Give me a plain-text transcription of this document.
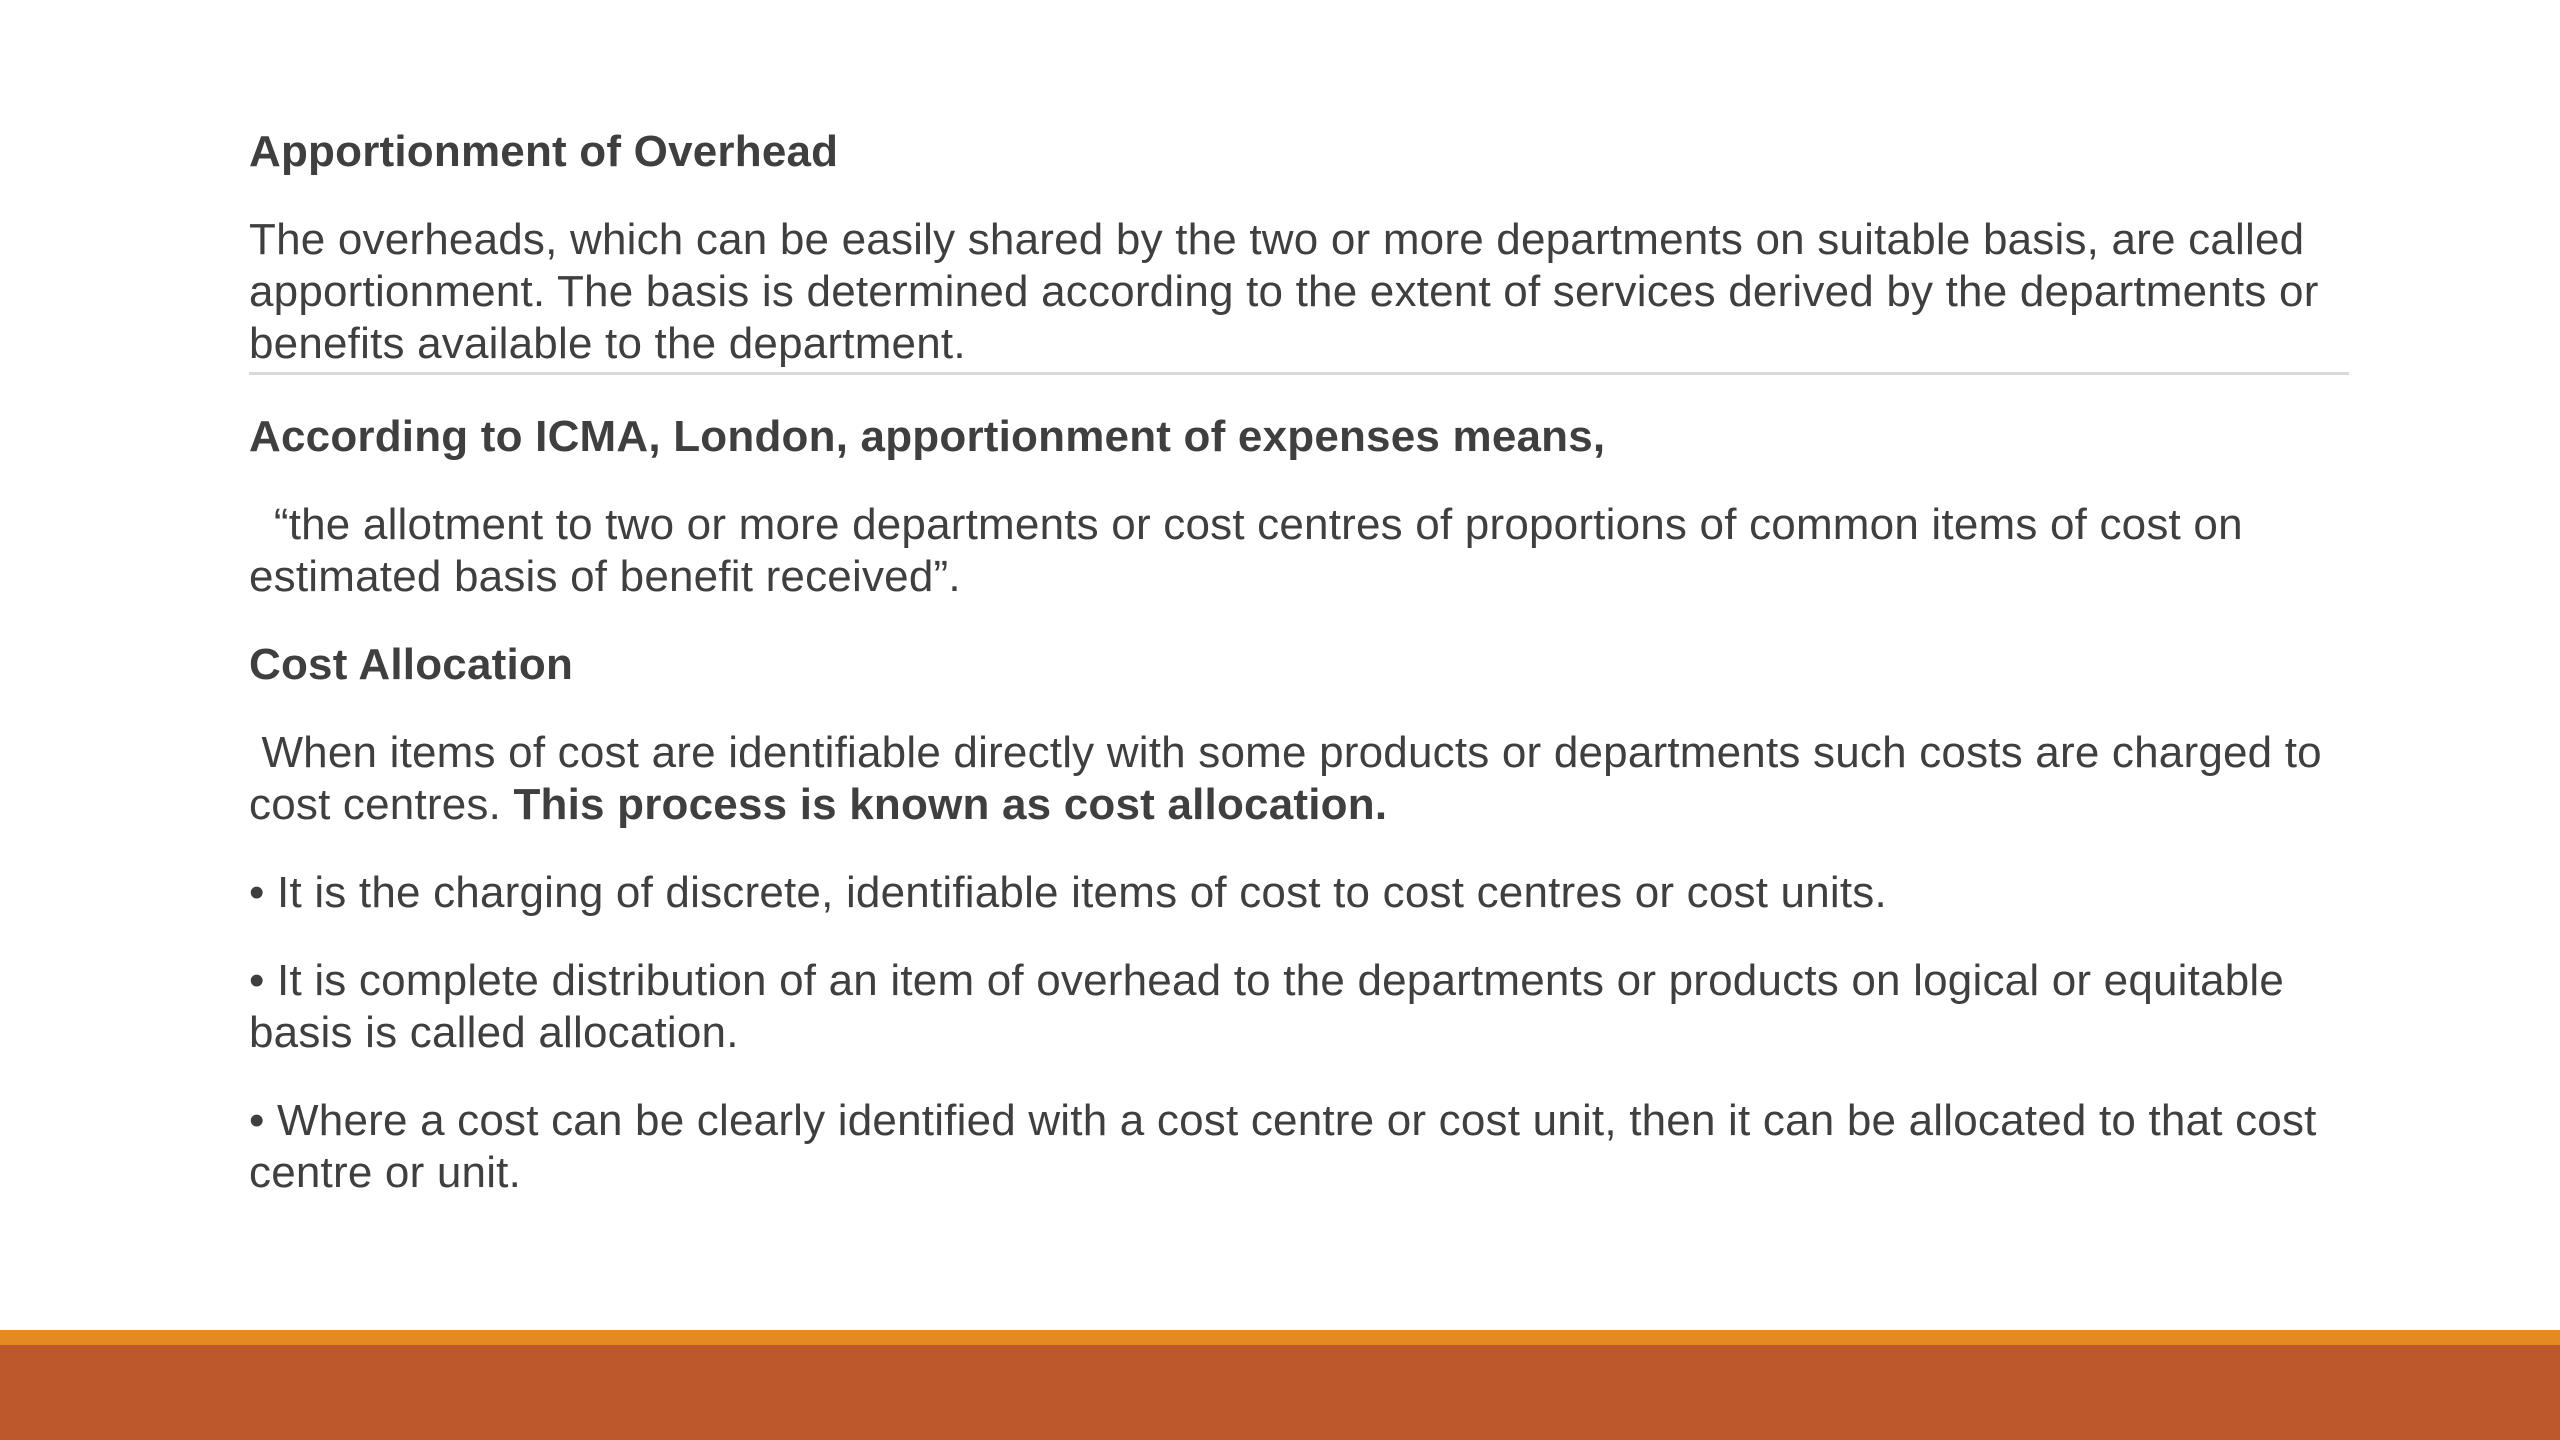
Apportionment of Overhead

The overheads, which can be easily shared by the two or more departments on suitable basis, are called apportionment. The basis is determined according to the extent of services derived by the departments or benefits available to the department.

According to ICMA, London, apportionment of expenses means,

“the allotment to two or more departments or cost centres of proportions of common items of cost on estimated basis of benefit received”.

Cost Allocation

When items of cost are identifiable directly with some products or departments such costs are charged to cost centres. This process is known as cost allocation.

• It is the charging of discrete, identifiable items of cost to cost centres or cost units.

• It is complete distribution of an item of overhead to the departments or products on logical or equitable basis is called allocation.

• Where a cost can be clearly identified with a cost centre or cost unit, then it can be allocated to that cost centre or unit.
